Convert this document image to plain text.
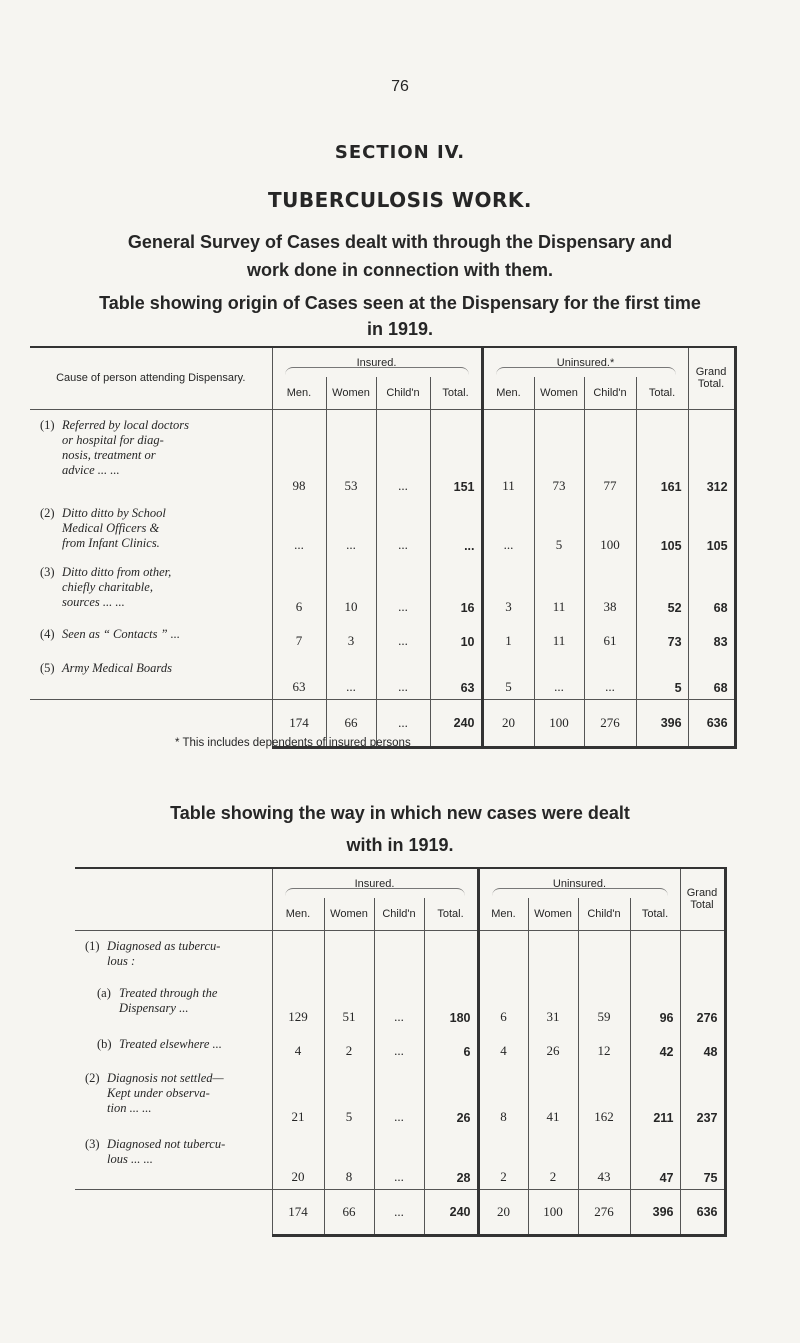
76
SECTION IV.
TUBERCULOSIS WORK.
General Survey of Cases dealt with through the Dispensary and work done in connection with them.
Table showing origin of Cases seen at the Dispensary for the first time in 1919.
Cause of person attending Dispensary.	Insured.				Uninsured.*				Grand Total.
	Men.	Women	Child'n	Total.	Men.	Women	Child'n	Total.	
(1) Referred by local doctors
or hospital for diag-
nosis, treatment or
advice ... ...	98	53	...	151	11	73	77	161	312
(2) Ditto ditto by School
Medical Officers &
from Infant Clinics.	...	...	...	...	...	5	100	105	105
(3) Ditto ditto from other,
chiefly charitable,
sources ... ...	6	10	...	16	3	11	38	52	68
(4) Seen as “ Contacts ” ...	7	3	...	10	1	11	61	73	83
(5) Army Medical Boards	63	...	...	63	5	...	...	5	68
	174	66	...	240	20	100	276	396	636
* This includes dependents of insured persons
Table showing the way in which new cases were dealt with in 1919.
	Insured.				Uninsured.				Grand Total
	Men.	Women	Child'n	Total.	Men.	Women	Child'n	Total.	
(1) Diagnosed as tubercu-
lous :									

(a) Treated through the
Dispensary ...	129	51	...	180	6	31	59	96	276
(b) Treated elsewhere ...	4	2	...	6	4	26	12	42	48
(2) Diagnosis not settled—
Kept under observa-
tion ... ...	21	5	...	26	8	41	162	211	237
(3) Diagnosed not tubercu-
lous ... ...	20	8	...	28	2	2	43	47	75
	174	66	...	240	20	100	276	396	636
